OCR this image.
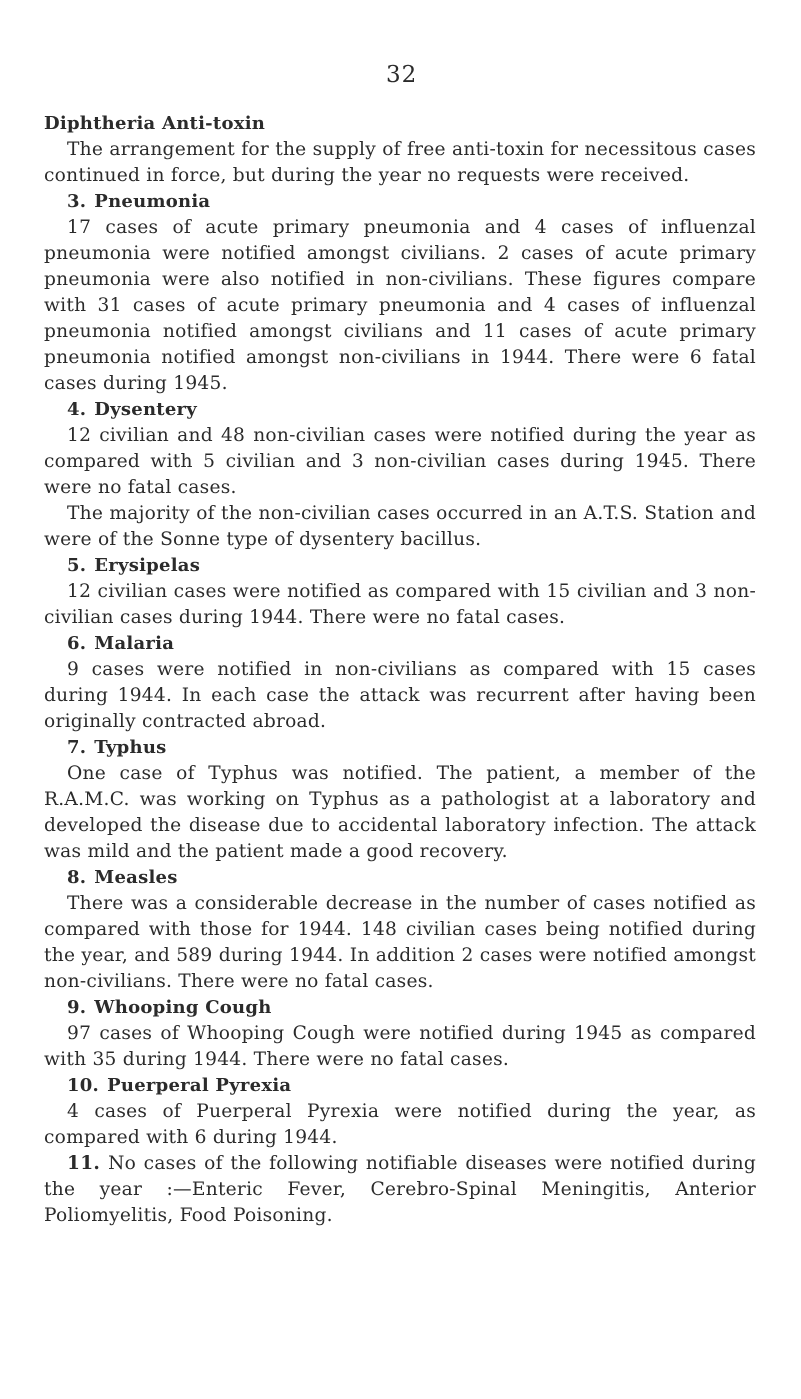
32
Diphtheria Anti-toxin
The arrangement for the supply of free anti-toxin for necessitous cases continued in force, but during the year no requests were received.
3. Pneumonia
17 cases of acute primary pneumonia and 4 cases of influenzal pneumonia were notified amongst civilians. 2 cases of acute primary pneumonia were also notified in non-civilians. These figures compare with 31 cases of acute primary pneumonia and 4 cases of influenzal pneumonia notified amongst civilians and 11 cases of acute primary pneumonia notified amongst non-civilians in 1944. There were 6 fatal cases during 1945.
4. Dysentery
12 civilian and 48 non-civilian cases were notified during the year as compared with 5 civilian and 3 non-civilian cases during 1945. There were no fatal cases.
The majority of the non-civilian cases occurred in an A.T.S. Station and were of the Sonne type of dysentery bacillus.
5. Erysipelas
12 civilian cases were notified as compared with 15 civilian and 3 non-civilian cases during 1944. There were no fatal cases.
6. Malaria
9 cases were notified in non-civilians as compared with 15 cases during 1944. In each case the attack was recurrent after having been originally contracted abroad.
7. Typhus
One case of Typhus was notified. The patient, a member of the R.A.M.C. was working on Typhus as a pathologist at a laboratory and developed the disease due to accidental laboratory infection. The attack was mild and the patient made a good recovery.
8. Measles
There was a considerable decrease in the number of cases notified as compared with those for 1944. 148 civilian cases being notified during the year, and 589 during 1944. In addition 2 cases were notified amongst non-civilians. There were no fatal cases.
9. Whooping Cough
97 cases of Whooping Cough were notified during 1945 as compared with 35 during 1944. There were no fatal cases.
10. Puerperal Pyrexia
4 cases of Puerperal Pyrexia were notified during the year, as compared with 6 during 1944.
11. No cases of the following notifiable diseases were notified during the year :—Enteric Fever, Cerebro-Spinal Meningitis, Anterior Poliomyelitis, Food Poisoning.
